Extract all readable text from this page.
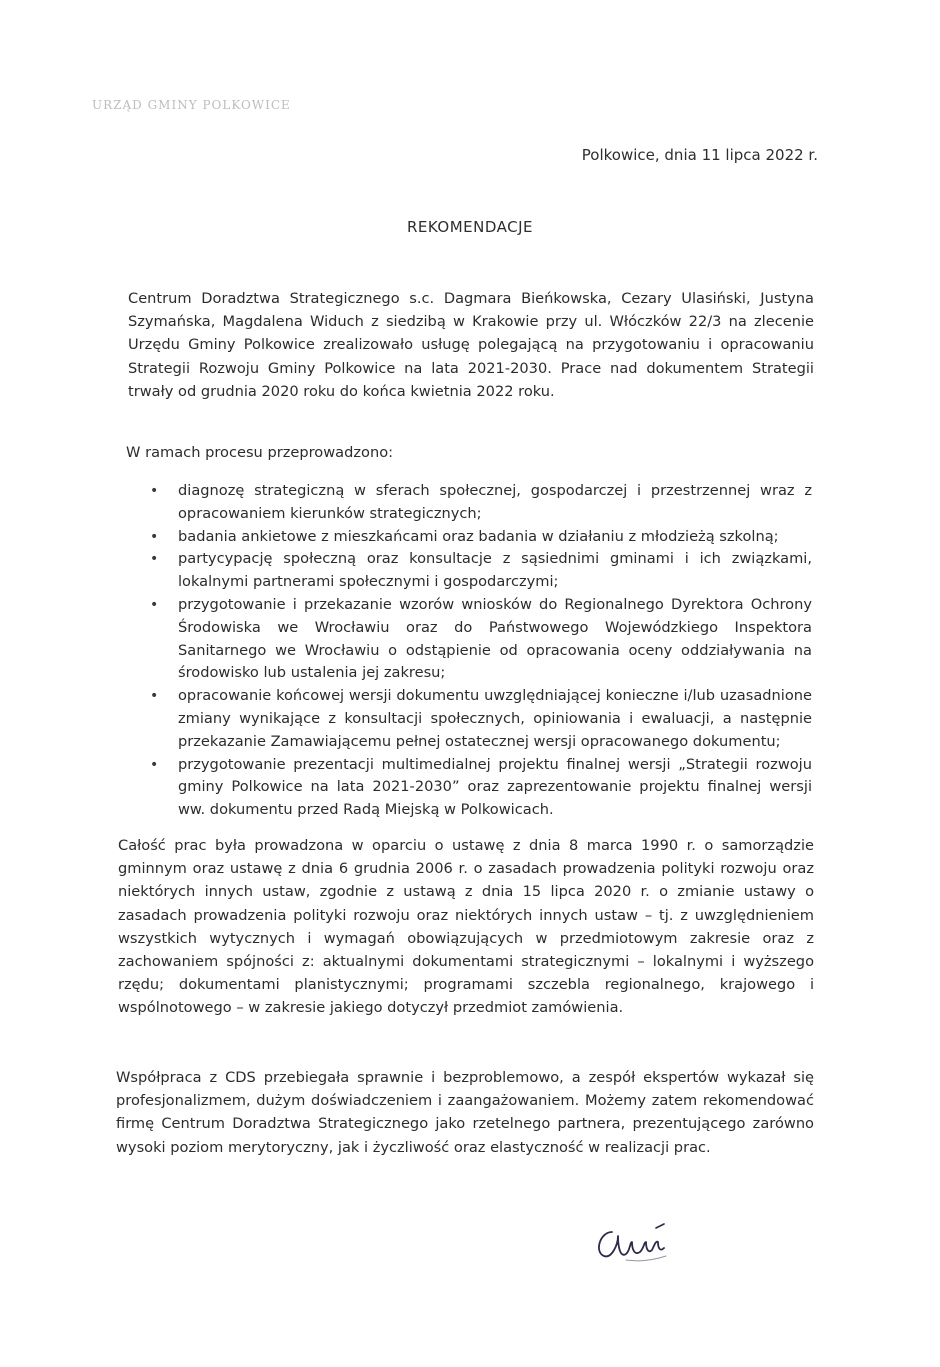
URZĄD GMINY POLKOWICE

Polkowice, dnia 11 lipca 2022 r.
REKOMENDACJE
Centrum Doradztwa Strategicznego s.c. Dagmara Bieńkowska, Cezary Ulasiński, Justyna Szymańska, Magdalena Widuch z siedzibą w Krakowie przy ul. Włóczków 22/3 na zlecenie Urzędu Gminy Polkowice zrealizowało usługę polegającą na przygotowaniu i opracowaniu Strategii Rozwoju Gminy Polkowice na lata 2021-2030. Prace nad dokumentem Strategii trwały od grudnia 2020 roku do końca kwietnia 2022 roku.
W ramach procesu przeprowadzono:
• diagnozę strategiczną w sferach społecznej, gospodarczej i przestrzennej wraz z opracowaniem kierunków strategicznych;
• badania ankietowe z mieszkańcami oraz badania w działaniu z młodzieżą szkolną;
• partycypację społeczną oraz konsultacje z sąsiednimi gminami i ich związkami, lokalnymi partnerami społecznymi i gospodarczymi;
• przygotowanie i przekazanie wzorów wniosków do Regionalnego Dyrektora Ochrony Środowiska we Wrocławiu oraz do Państwowego Wojewódzkiego Inspektora Sanitarnego we Wrocławiu o odstąpienie od opracowania oceny oddziaływania na środowisko lub ustalenia jej zakresu;
• opracowanie końcowej wersji dokumentu uwzględniającej konieczne i/lub uzasadnione zmiany wynikające z konsultacji społecznych, opiniowania i ewaluacji, a następnie przekazanie Zamawiającemu pełnej ostatecznej wersji opracowanego dokumentu;
• przygotowanie prezentacji multimedialnej projektu finalnej wersji „Strategii rozwoju gminy Polkowice na lata 2021-2030” oraz zaprezentowanie projektu finalnej wersji ww. dokumentu przed Radą Miejską w Polkowicach.
Całość prac była prowadzona w oparciu o ustawę z dnia 8 marca 1990 r. o samorządzie gminnym oraz ustawę z dnia 6 grudnia 2006 r. o zasadach prowadzenia polityki rozwoju oraz niektórych innych ustaw, zgodnie z ustawą z dnia 15 lipca 2020 r. o zmianie ustawy o zasadach prowadzenia polityki rozwoju oraz niektórych innych ustaw – tj. z uwzględnieniem wszystkich wytycznych i wymagań obowiązujących w przedmiotowym zakresie oraz z zachowaniem spójności z: aktualnymi dokumentami strategicznymi – lokalnymi i wyższego rzędu; dokumentami planistycznymi; programami szczebla regionalnego, krajowego i wspólnotowego – w zakresie jakiego dotyczył przedmiot zamówienia.
Współpraca z CDS przebiegała sprawnie i bezproblemowo, a zespół ekspertów wykazał się profesjonalizmem, dużym doświadczeniem i zaangażowaniem. Możemy zatem rekomendować firmę Centrum Doradztwa Strategicznego jako rzetelnego partnera, prezentującego zarówno wysoki poziom merytoryczny, jak i życzliwość oraz elastyczność w realizacji prac.
